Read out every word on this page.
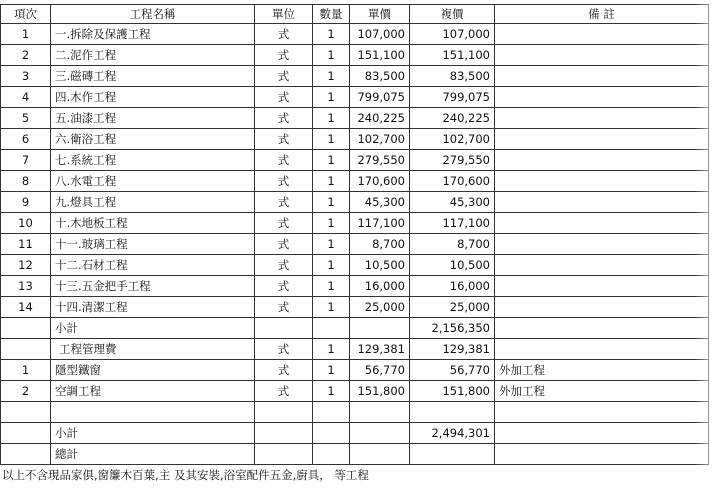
項次	工程名稱	單位	數量	單價	複價	備 註
1	一.拆除及保護工程	式	1	107,000	107,000	
2	二.泥作工程	式	1	151,100	151,100	
3	三.磁磚工程	式	1	83,500	83,500	
4	四.木作工程	式	1	799,075	799,075	
5	五.油漆工程	式	1	240,225	240,225	
6	六.衛浴工程	式	1	102,700	102,700	
7	七.系統工程	式	1	279,550	279,550	
8	八.水電工程	式	1	170,600	170,600	
9	九.燈具工程	式	1	45,300	45,300	
10	十.木地板工程	式	1	117,100	117,100	
11	十一.玻璃工程	式	1	8,700	8,700	
12	十二.石材工程	式	1	10,500	10,500	
13	十三.五金把手工程	式	1	16,000	16,000	
14	十四.清潔工程	式	1	25,000	25,000	
	小計				2,156,350	
	工程管理費	式	1	129,381	129,381	
1	隱型鐵窗	式	1	56,770	56,770	外加工程
2	空調工程	式	1	151,800	151,800	外加工程

	小計				2,494,301	
	總計					
以上不含現品家俱,窗簾木百葉,主 及其安裝,浴室配件五金,廚具， 等工程
